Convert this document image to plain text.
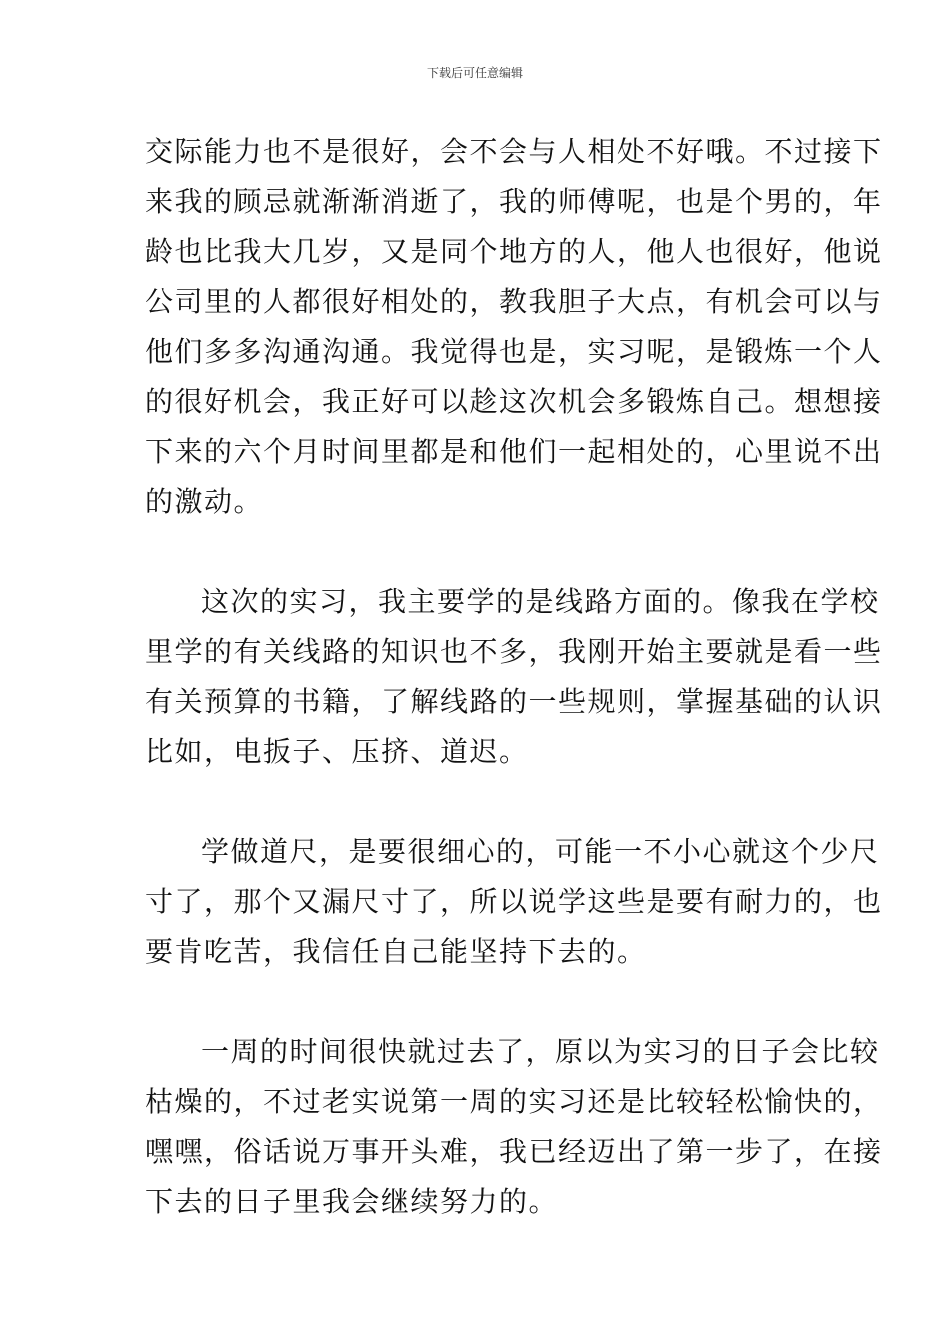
下载后可任意编辑

交际能力也不是很好，会不会与人相处不好哦。不过接下
来我的顾忌就渐渐消逝了，我的师傅呢，也是个男的，年
龄也比我大几岁，又是同个地方的人，他人也很好，他说
公司里的人都很好相处的，教我胆子大点，有机会可以与
他们多多沟通沟通。我觉得也是，实习呢，是锻炼一个人
的很好机会，我正好可以趁这次机会多锻炼自己。想想接
下来的六个月时间里都是和他们一起相处的，心里说不出
的激动。

这次的实习，我主要学的是线路方面的。像我在学校
里学的有关线路的知识也不多，我刚开始主要就是看一些
有关预算的书籍，了解线路的一些规则，掌握基础的认识
比如，电扳子、压挤、道迟。

学做道尺，是要很细心的，可能一不小心就这个少尺
寸了，那个又漏尺寸了，所以说学这些是要有耐力的，也
要肯吃苦，我信任自己能坚持下去的。

一周的时间很快就过去了，原以为实习的日子会比较
枯燥的，不过老实说第一周的实习还是比较轻松愉快的，
嘿嘿，俗话说万事开头难，我已经迈出了第一步了，在接
下去的日子里我会继续努力的。
